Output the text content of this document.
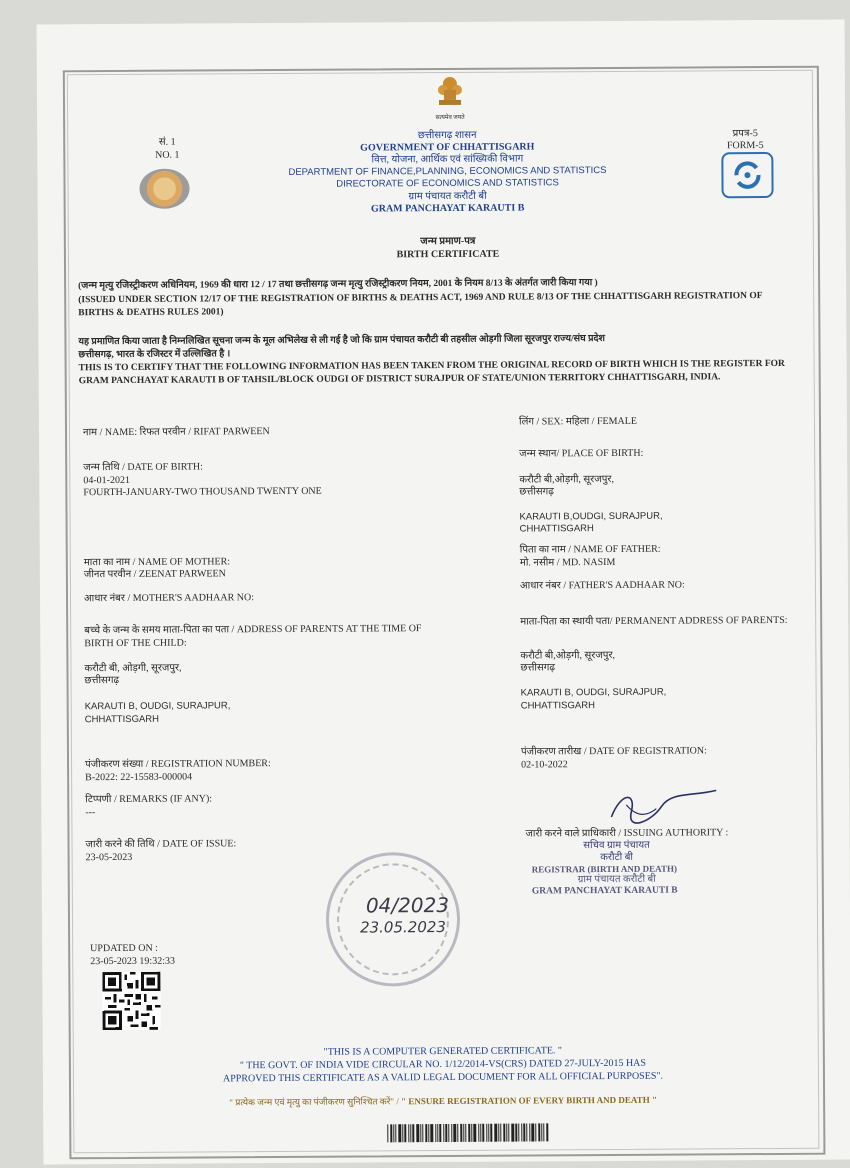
सत्यमेव जयते
सं. 1
NO. 1
प्रपत्र-5
FORM-5
छत्तीसगढ़ शासन
GOVERNMENT OF CHHATTISGARH
वित्त, योजना, आर्थिक एवं सांख्यिकी विभाग
DEPARTMENT OF FINANCE,PLANNING, ECONOMICS AND STATISTICS
DIRECTORATE OF ECONOMICS AND STATISTICS
ग्राम पंचायत करौटी बी
GRAM PANCHAYAT KARAUTI B
जन्म प्रमाण-पत्र
BIRTH CERTIFICATE
(जन्म मृत्यु रजिस्ट्रीकरण अधिनियम, 1969 की धारा 12 / 17 तथा छत्तीसगढ़ जन्म मृत्यु रजिस्ट्रीकरण नियम, 2001 के नियम 8/13 के अंतर्गत जारी किया गया )
(ISSUED UNDER SECTION 12/17 OF THE REGISTRATION OF BIRTHS & DEATHS ACT, 1969 AND RULE 8/13 OF THE CHHATTISGARH REGISTRATION OF
BIRTHS & DEATHS RULES 2001)
यह प्रमाणित किया जाता है निम्नलिखित सूचना जन्म के मूल अभिलेख से ली गई है जो कि ग्राम पंचायत करौटी बी तहसील ओड़गी जिला सूरजपुर राज्य/संघ प्रदेश
छत्तीसगढ़, भारत के रजिस्टर में उल्लिखित है ।
THIS IS TO CERTIFY THAT THE FOLLOWING INFORMATION HAS BEEN TAKEN FROM THE ORIGINAL RECORD OF BIRTH WHICH IS THE REGISTER FOR
GRAM PANCHAYAT KARAUTI B OF TAHSIL/BLOCK OUDGI OF DISTRICT SURAJPUR OF STATE/UNION TERRITORY CHHATTISGARH, INDIA.
नाम / NAME: रिफत परवीन / RIFAT PARWEEN
जन्म तिथि / DATE OF BIRTH:
04-01-2021
FOURTH-JANUARY-TWO THOUSAND TWENTY ONE
माता का नाम / NAME OF MOTHER:
जीनत परवीन / ZEENAT PARWEEN
आधार नंबर / MOTHER'S AADHAAR NO:
बच्चे के जन्म के समय माता-पिता का पता / ADDRESS OF PARENTS AT THE TIME OF
BIRTH OF THE CHILD:
करौटी बी, ओड़गी, सूरजपुर,
छत्तीसगढ़
KARAUTI B, OUDGI, SURAJPUR,
CHHATTISGARH
पंजीकरण संख्या / REGISTRATION NUMBER:
B-2022: 22-15583-000004
टिप्पणी / REMARKS (IF ANY):
---
जारी करने की तिथि / DATE OF ISSUE:
23-05-2023
UPDATED ON :
23-05-2023 19:32:33
लिंग / SEX: महिला / FEMALE
जन्म स्थान/ PLACE OF BIRTH:
करौटी बी,ओड़गी, सूरजपुर,
छत्तीसगढ़
KARAUTI B,OUDGI, SURAJPUR,
CHHATTISGARH
पिता का नाम / NAME OF FATHER:
मो. नसीम / MD. NASIM
आधार नंबर / FATHER'S AADHAAR NO:
माता-पिता का स्थायी पता/ PERMANENT ADDRESS OF PARENTS:
करौटी बी,ओड़गी, सूरजपुर,
छत्तीसगढ़
KARAUTI B, OUDGI, SURAJPUR,
CHHATTISGARH
पंजीकरण तारीख / DATE OF REGISTRATION:
02-10-2022
जारी करने वाले प्राधिकारी / ISSUING AUTHORITY :
सचिव ग्राम पंचायत
करौटी बी
REGISTRAR (BIRTH AND DEATH)
ग्राम पंचायत करौटी बी
GRAM PANCHAYAT KARAUTI B
04/2023
23.05.2023
"THIS IS A COMPUTER GENERATED CERTIFICATE. "
" THE GOVT. OF INDIA VIDE CIRCULAR NO. 1/12/2014-VS(CRS) DATED 27-JULY-2015 HAS
APPROVED THIS CERTIFICATE AS A VALID LEGAL DOCUMENT FOR ALL OFFICIAL PURPOSES".
" प्रत्येक जन्म एवं मृत्यु का पंजीकरण सुनिश्चित करें" / " ENSURE REGISTRATION OF EVERY BIRTH AND DEATH "
